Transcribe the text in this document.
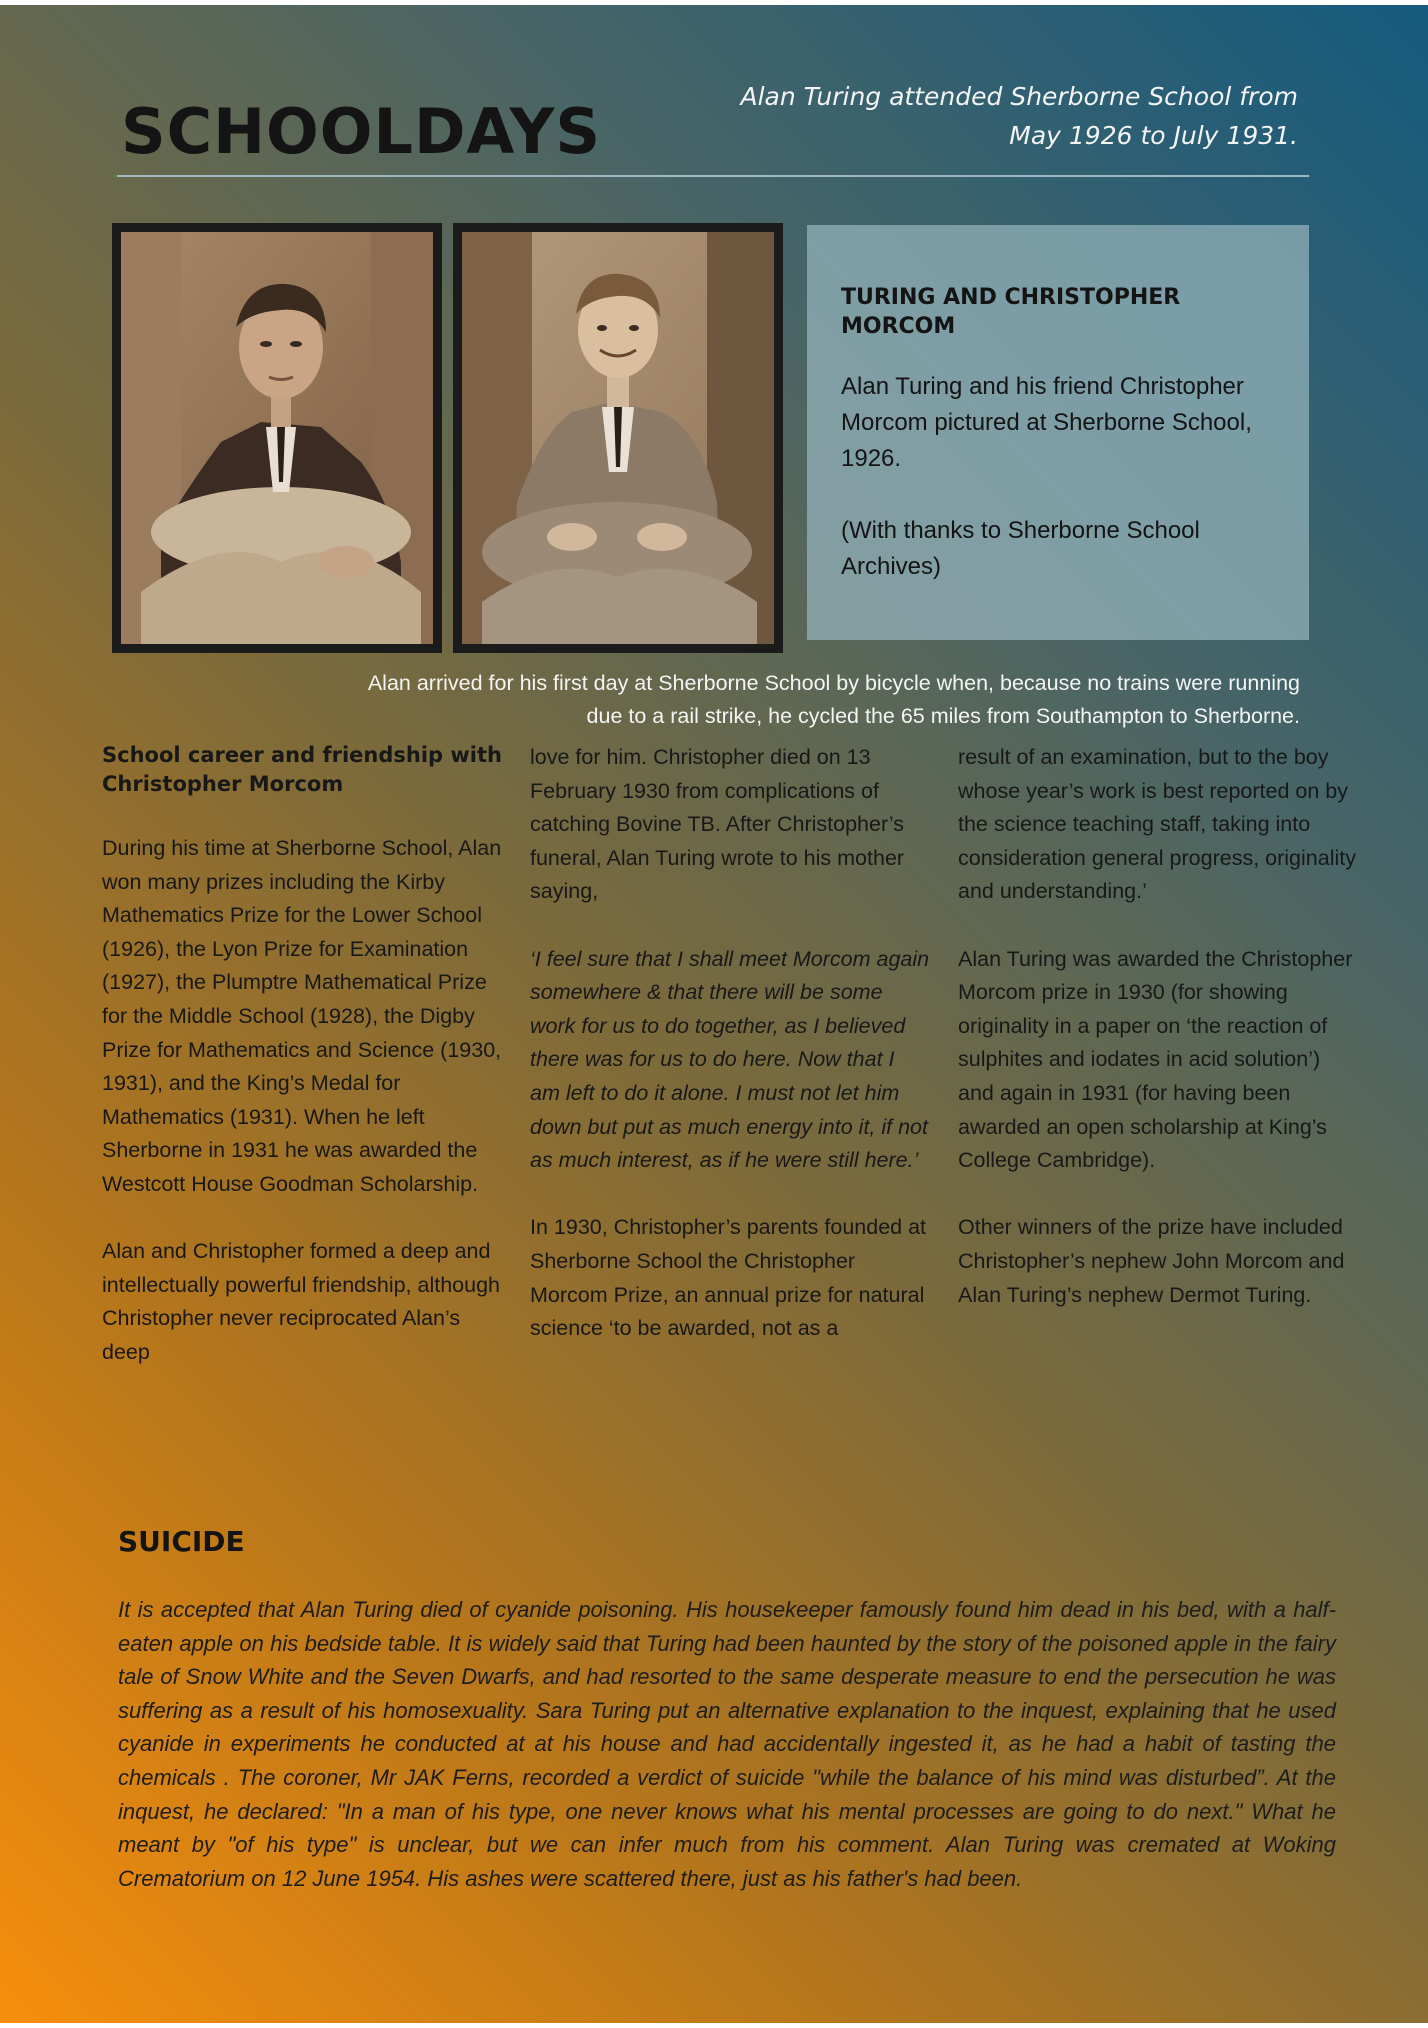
SCHOOLDAYS	Alan Turing attended Sherborne School from
May 1926 to July 1931.
TURING AND CHRISTOPHER MORCOM

Alan Turing and his friend Christopher Morcom pictured at Sherborne School, 1926.

(With thanks to Sherborne School Archives)

Alan arrived for his first day at Sherborne School by bicycle when, because no trains were running
due to a rail strike, he cycled the 65 miles from Southampton to Sherborne.

School career and friendship with Christopher Morcom

During his time at Sherborne School, Alan won many prizes including the Kirby Mathematics Prize for the Lower School (1926), the Lyon Prize for Examination (1927), the Plumptre Mathematical Prize for the Middle School (1928), the Digby Prize for Mathematics and Science (1930, 1931), and the King’s Medal for Mathematics (1931). When he left Sherborne in 1931 he was awarded the Westcott House Goodman Scholarship.

Alan and Christopher formed a deep and intellectually powerful friendship, although Christopher never reciprocated Alan’s deep

love for him. Christopher died on 13 February 1930 from complications of catching Bovine TB. After Christopher’s funeral, Alan Turing wrote to his mother saying,

‘I feel sure that I shall meet Morcom again somewhere & that there will be some work for us to do together, as I believed there was for us to do here. Now that I am left to do it alone. I must not let him down but put as much energy into it, if not as much interest, as if he were still here.’

In 1930, Christopher’s parents founded at Sherborne School the Christopher Morcom Prize, an annual prize for natural science ‘to be awarded, not as a

result of an examination, but to the boy whose year’s work is best reported on by the science teaching staff, taking into consideration general progress, originality and understanding.’

Alan Turing was awarded the Christopher Morcom prize in 1930 (for showing originality in a paper on ‘the reaction of sulphites and iodates in acid solution’) and again in 1931 (for having been awarded an open scholarship at King’s College Cambridge).

Other winners of the prize have included Christopher’s nephew John Morcom and Alan Turing’s nephew Dermot Turing.

SUICIDE
It is accepted that Alan Turing died of cyanide poisoning. His housekeeper famously found him dead in his bed, with a half-eaten apple on his bedside table. It is widely said that Turing had been haunted by the story of the poisoned apple in the fairy tale of Snow White and the Seven Dwarfs, and had resorted to the same desperate measure to end the persecution he was suffering as a result of his homosexuality. Sara Turing put an alternative explanation to the inquest, explaining that he used cyanide in experiments he conducted at at his house and had accidentally ingested it, as he had a habit of tasting the chemicals . The coroner, Mr JAK Ferns, recorded a verdict of suicide "while the balance of his mind was disturbed”. At the inquest, he declared: "In a man of his type, one never knows what his mental processes are going to do next." What he meant by "of his type" is unclear, but we can infer much from his comment. Alan Turing was cremated at Woking Crematorium on 12 June 1954. His ashes were scattered there, just as his father's had been.
